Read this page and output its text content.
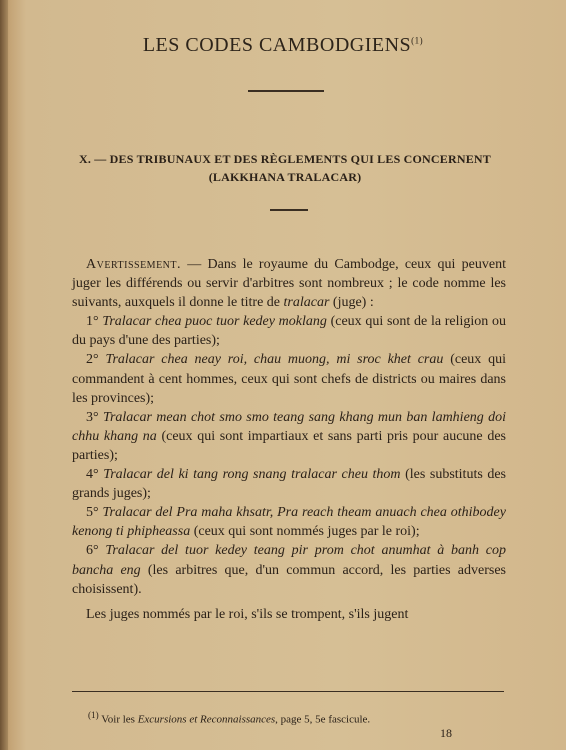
LES CODES CAMBODGIENS$^{(1)}$
X. — DES TRIBUNAUX ET DES RÈGLEMENTS QUI LES CONCERNENT
(LAKKHANA TRALACAR)

Avertissement. — Dans le royaume du Cambodge, ceux qui peuvent juger les différends ou servir d'arbitres sont nombreux ; le code nomme les suivants, auxquels il donne le titre de tralacar (juge) :

1° Tralacar chea puoc tuor kedey moklang (ceux qui sont de la religion ou du pays d'une des parties);

2° Tralacar chea neay roi, chau muong, mi sroc khet crau (ceux qui commandent à cent hommes, ceux qui sont chefs de districts ou maires dans les provinces);

3° Tralacar mean chot smo smo teang sang khang mun ban lamhieng doi chhu khang na (ceux qui sont impartiaux et sans parti pris pour aucune des parties);

4° Tralacar del ki tang rong snang tralacar cheu thom (les substituts des grands juges);

5° Tralacar del Pra maha khsatr, Pra reach theam anuach chea othibodey kenong ti phipheassa (ceux qui sont nommés juges par le roi);

6° Tralacar del tuor kedey teang pir prom chot anumhat à banh cop bancha eng (les arbitres que, d'un commun accord, les parties adverses choisissent).

Les juges nommés par le roi, s'ils se trompent, s'ils jugent

$^{(1)}$ Voir les Excursions et Reconnaissances, page 5, 5e fascicule.
18
